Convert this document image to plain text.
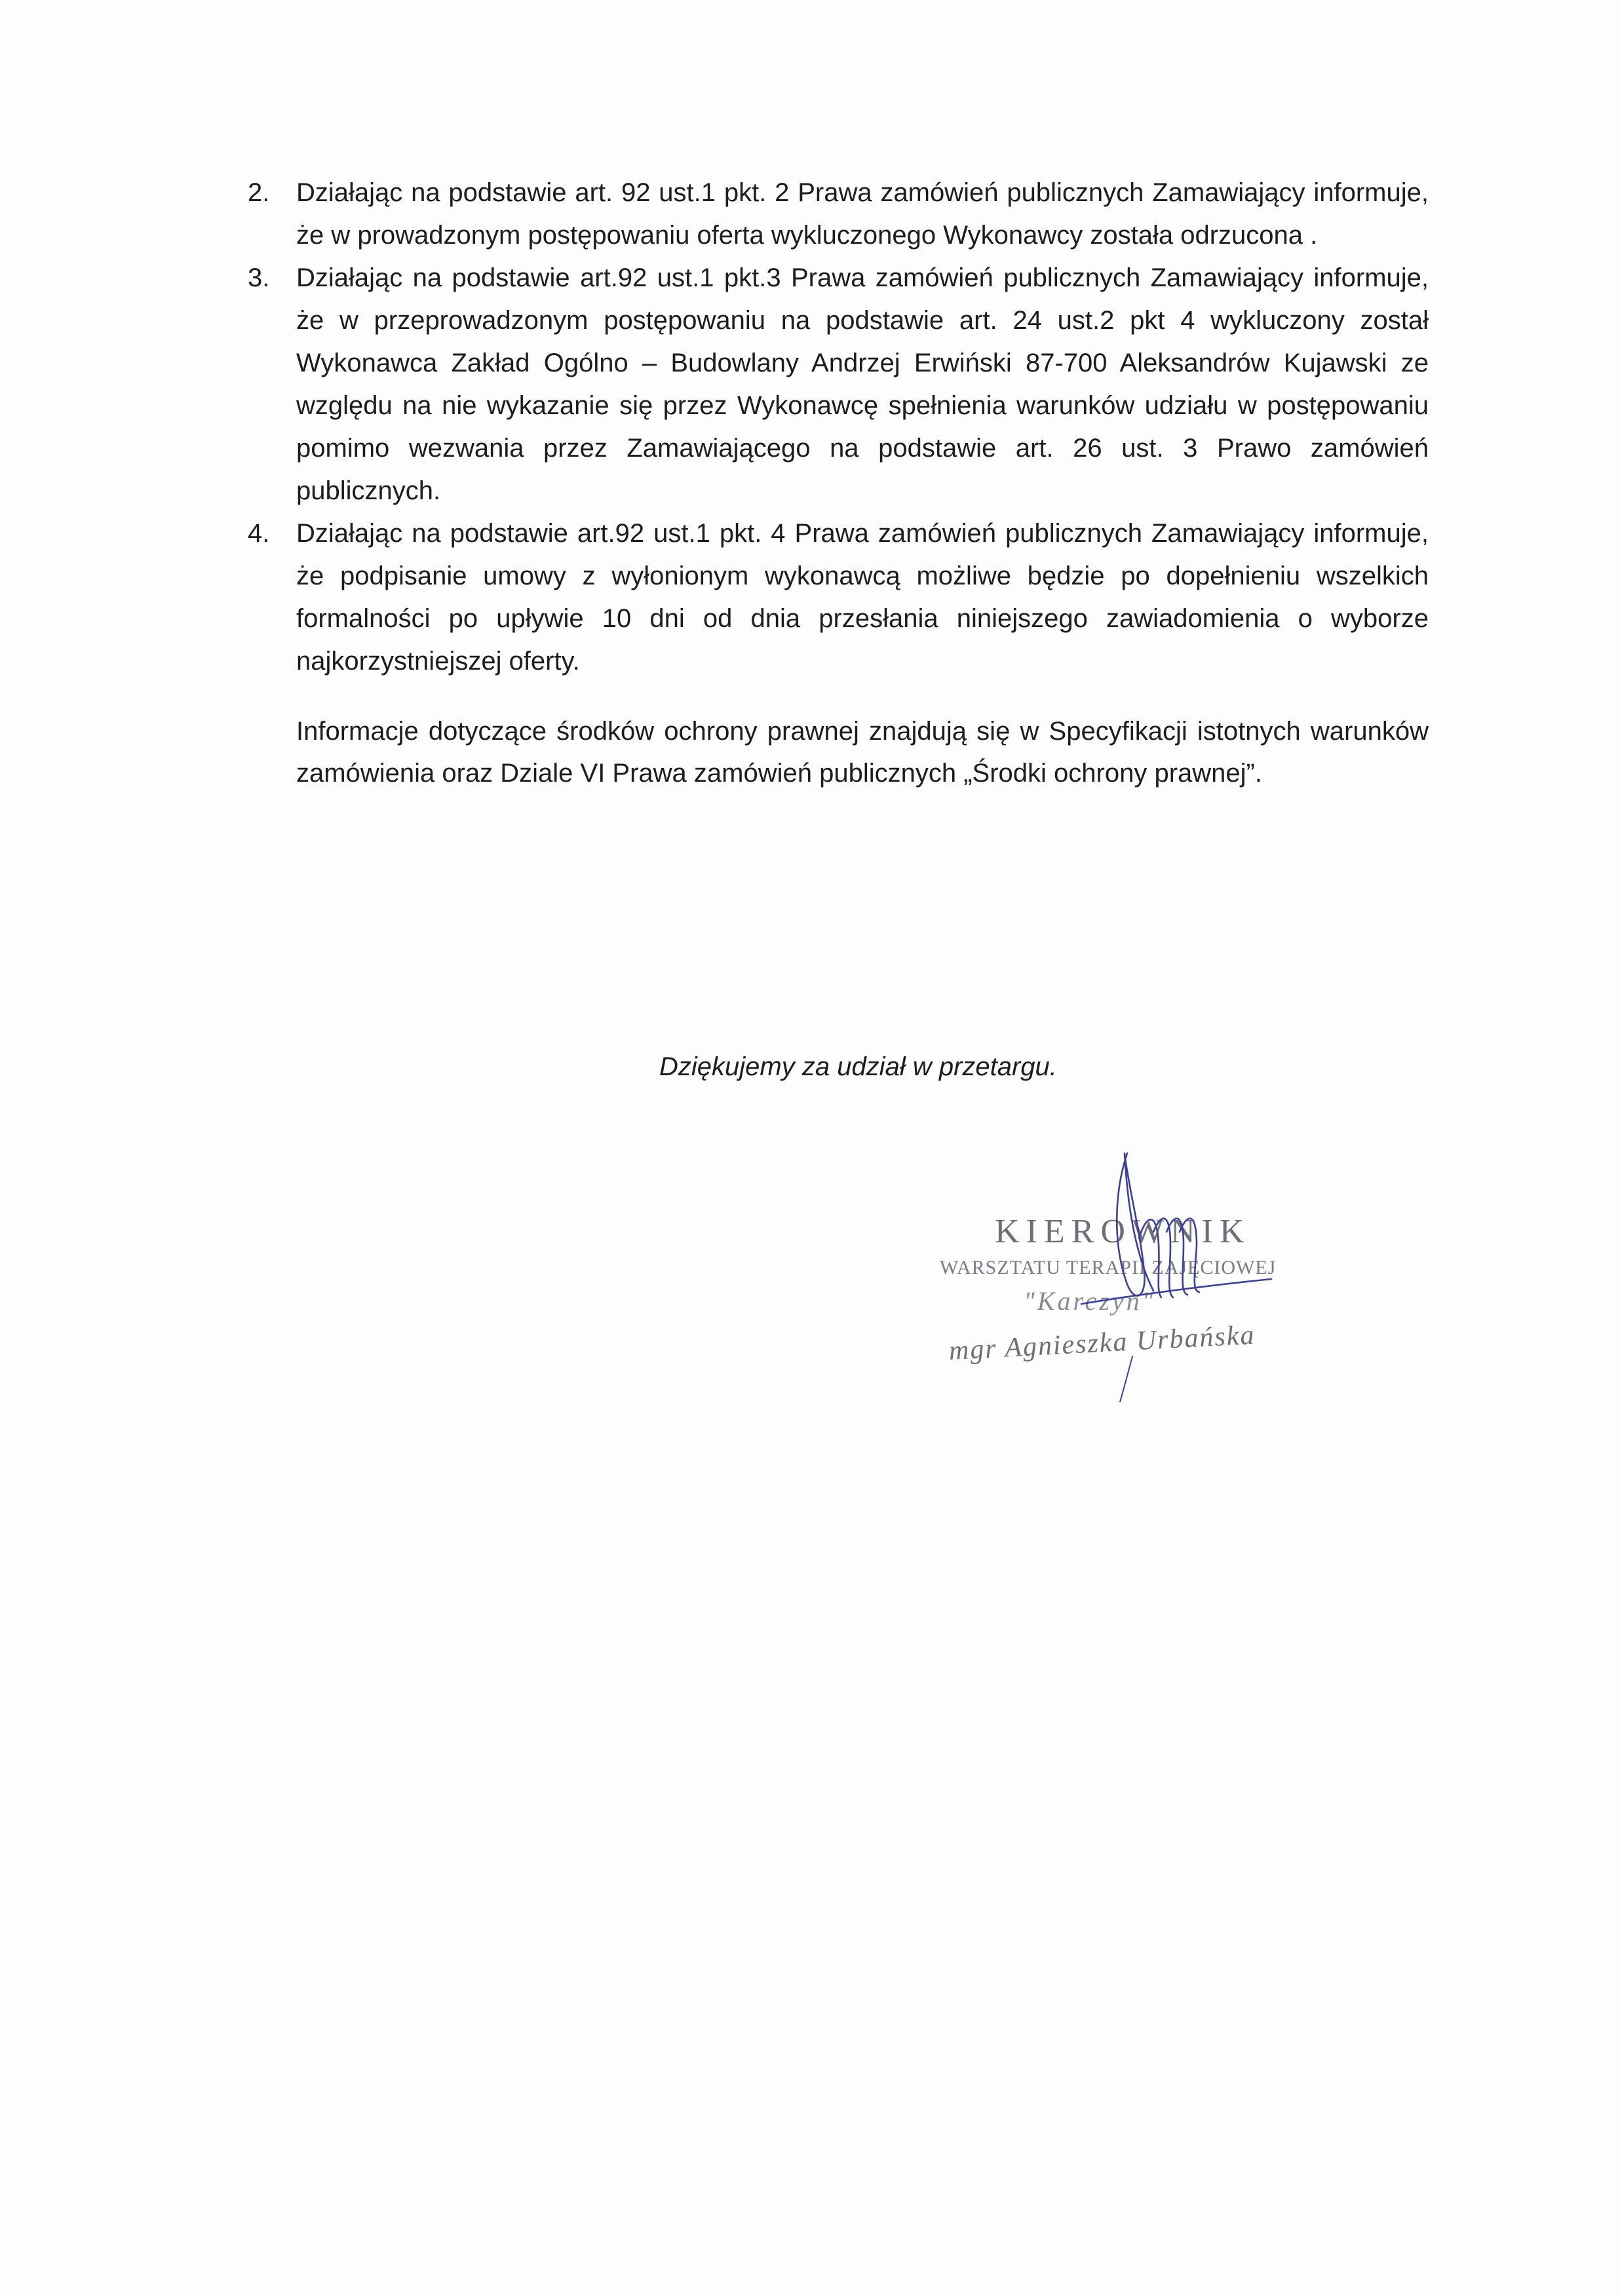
2. Działając na podstawie art. 92 ust.1 pkt. 2 Prawa zamówień publicznych Zamawiający informuje, że w prowadzonym postępowaniu oferta wykluczonego Wykonawcy została odrzucona .
3. Działając na podstawie art.92 ust.1 pkt.3 Prawa zamówień publicznych Zamawiający informuje, że w przeprowadzonym postępowaniu na podstawie art. 24 ust.2 pkt 4 wykluczony został Wykonawca Zakład Ogólno – Budowlany Andrzej Erwiński 87-700 Aleksandrów Kujawski ze względu na nie wykazanie się przez Wykonawcę spełnienia warunków udziału w postępowaniu pomimo wezwania przez Zamawiającego na podstawie art. 26 ust. 3 Prawo zamówień publicznych.
4. Działając na podstawie art.92 ust.1 pkt. 4 Prawa zamówień publicznych Zamawiający informuje, że podpisanie umowy z wyłonionym wykonawcą możliwe będzie po dopełnieniu wszelkich formalności po upływie 10 dni od dnia przesłania niniejszego zawiadomienia o wyborze najkorzystniejszej oferty.

Informacje dotyczące środków ochrony prawnej znajdują się w Specyfikacji istotnych warunków zamówienia oraz Dziale VI Prawa zamówień publicznych „Środki ochrony prawnej”.

Dziękujemy za udział w przetargu.
KIEROWNIK
WARSZTATU TERAPII ZAJĘCIOWEJ
"Karczyn"
mgr Agnieszka Urbańska
